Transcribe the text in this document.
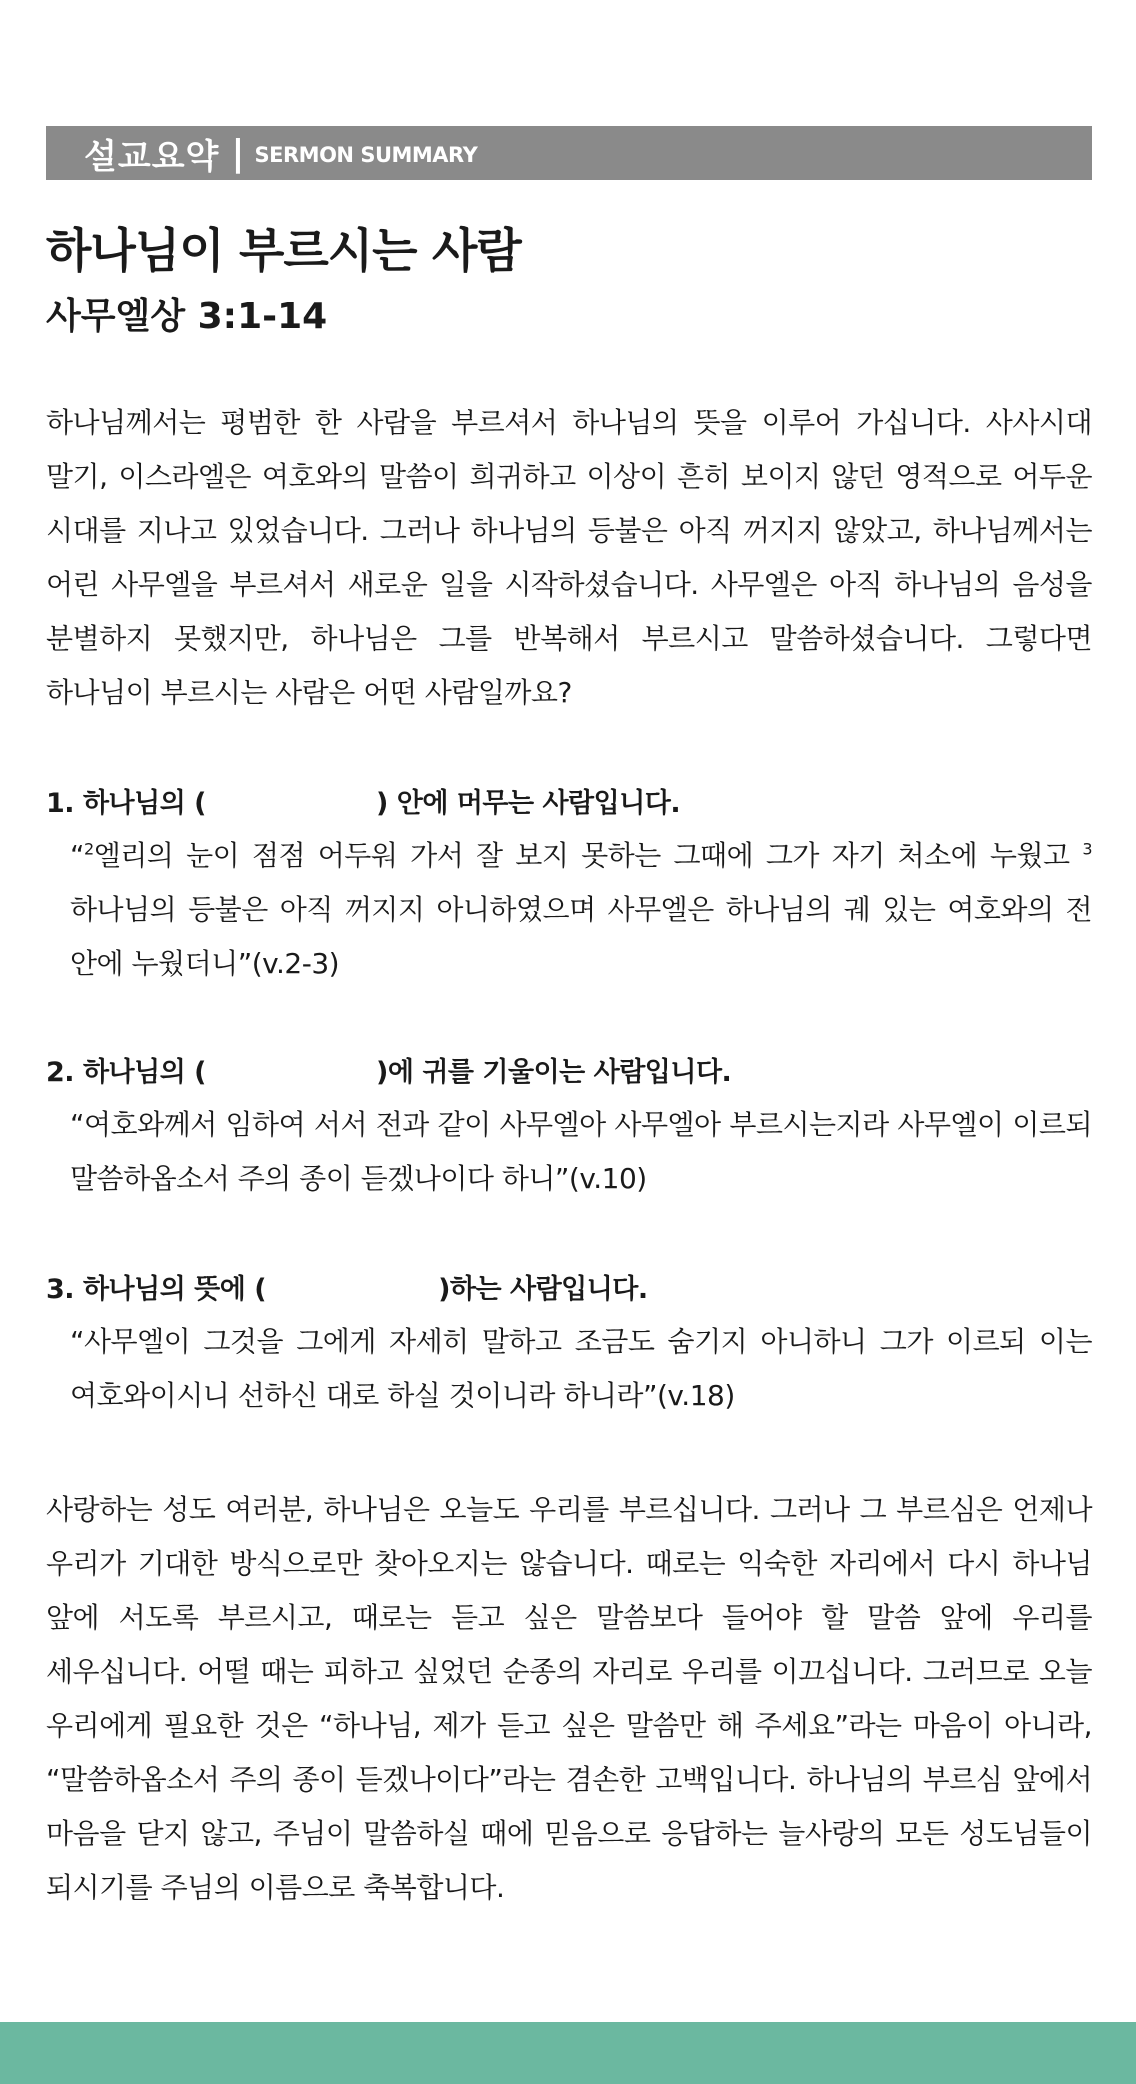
설교요약 | SERMON SUMMARY
하나님이 부르시는 사람
사무엘상 3:1-14

하나님께서는 평범한 한 사람을 부르셔서 하나님의 뜻을 이루어 가십니다. 사사시대 말기, 이스라엘은 여호와의 말씀이 희귀하고 이상이 흔히 보이지 않던 영적으로 어두운 시대를 지나고 있었습니다. 그러나 하나님의 등불은 아직 꺼지지 않았고, 하나님께서는 어린 사무엘을 부르셔서 새로운 일을 시작하셨습니다. 사무엘은 아직 하나님의 음성을 분별하지 못했지만, 하나님은 그를 반복해서 부르시고 말씀하셨습니다. 그렇다면 하나님이 부르시는 사람은 어떤 사람일까요?

1. 하나님의 (	) 안에 머무는 사람입니다.

“$^2$엘리의 눈이 점점 어두워 가서 잘 보지 못하는 그때에 그가 자기 처소에 누웠고 $^3$ 하나님의 등불은 아직 꺼지지 아니하였으며 사무엘은 하나님의 궤 있는 여호와의 전 안에 누웠더니”(v.2-3)

2. 하나님의 (	)에 귀를 기울이는 사람입니다.

“여호와께서 임하여 서서 전과 같이 사무엘아 사무엘아 부르시는지라 사무엘이 이르되 말씀하옵소서 주의 종이 듣겠나이다 하니”(v.10)

3. 하나님의 뜻에 (	)하는 사람입니다.

“사무엘이 그것을 그에게 자세히 말하고 조금도 숨기지 아니하니 그가 이르되 이는 여호와이시니 선하신 대로 하실 것이니라 하니라”(v.18)

사랑하는 성도 여러분, 하나님은 오늘도 우리를 부르십니다. 그러나 그 부르심은 언제나 우리가 기대한 방식으로만 찾아오지는 않습니다. 때로는 익숙한 자리에서 다시 하나님 앞에 서도록 부르시고, 때로는 듣고 싶은 말씀보다 들어야 할 말씀 앞에 우리를 세우십니다. 어떨 때는 피하고 싶었던 순종의 자리로 우리를 이끄십니다. 그러므로 오늘 우리에게 필요한 것은 “하나님, 제가 듣고 싶은 말씀만 해 주세요”라는 마음이 아니라, “말씀하옵소서 주의 종이 듣겠나이다”라는 겸손한 고백입니다. 하나님의 부르심 앞에서 마음을 닫지 않고, 주님이 말씀하실 때에 믿음으로 응답하는 늘사랑의 모든 성도님들이 되시기를 주님의 이름으로 축복합니다.
